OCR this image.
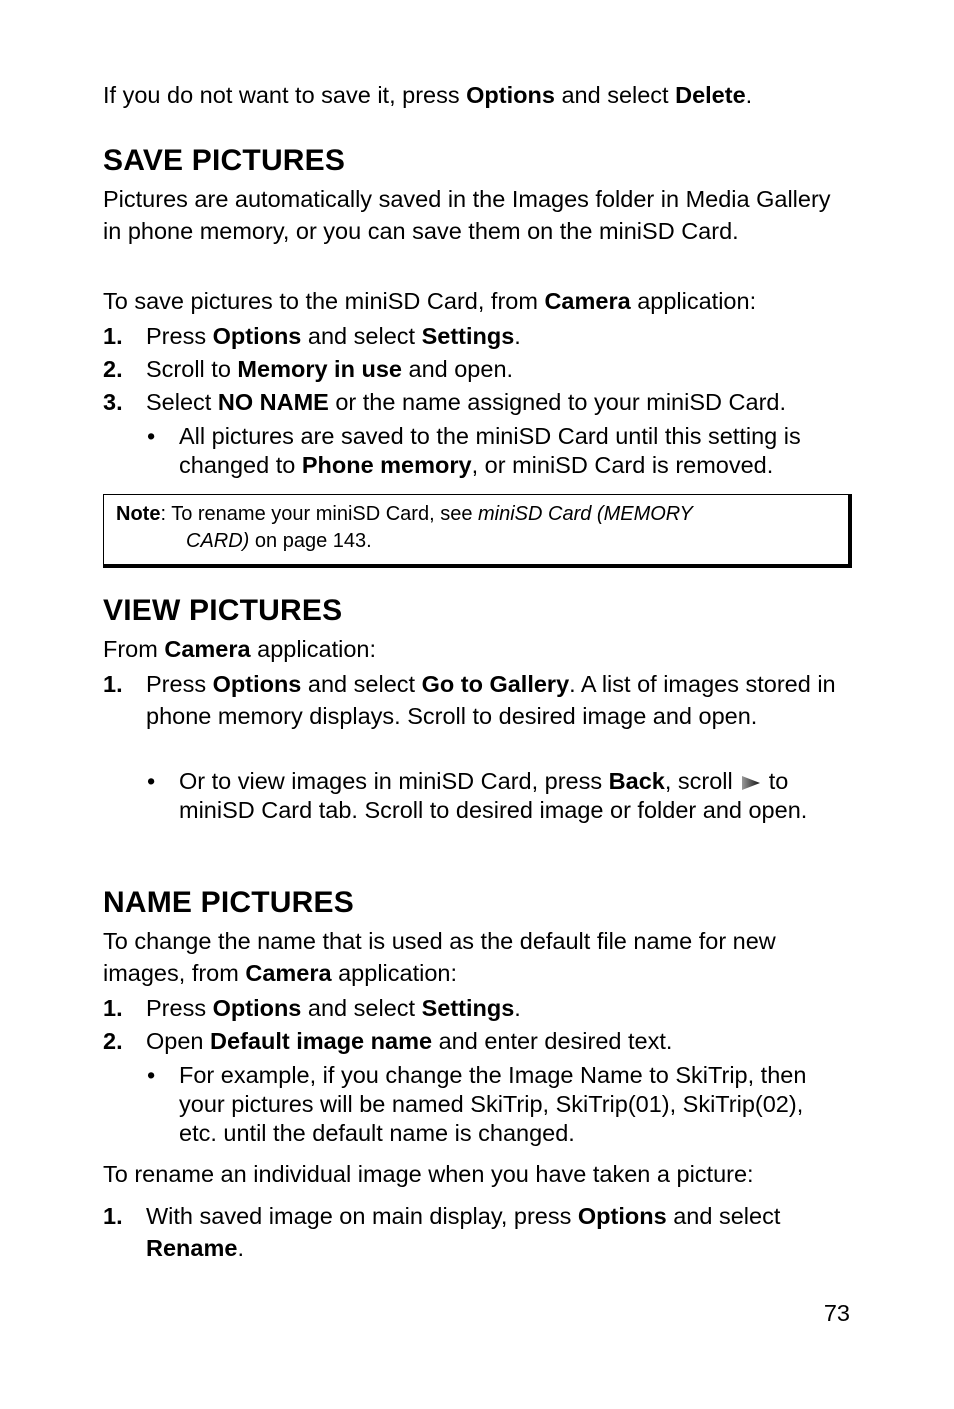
If you do not want to save it, press Options and select Delete.

SAVE PICTURES

Pictures are automatically saved in the Images folder in Media Gallery in phone memory, or you can save them on the miniSD Card.

To save pictures to the miniSD Card, from Camera application:

1. Press Options and select Settings.
2. Scroll to Memory in use and open.
3. Select NO NAME or the name assigned to your miniSD Card.
• All pictures are saved to the miniSD Card until this setting is changed to Phone memory, or miniSD Card is removed.
Note: To rename your miniSD Card, see miniSD Card (MEMORY
CARD) on page 143.
VIEW PICTURES

From Camera application:

1. Press Options and select Go to Gallery. A list of images stored in phone memory displays. Scroll to desired image and open.
• Or to view images in miniSD Card, press Back, scroll to miniSD Card tab. Scroll to desired image or folder and open.
NAME PICTURES

To change the name that is used as the default file name for new images, from Camera application:

1. Press Options and select Settings.
2. Open Default image name and enter desired text.
• For example, if you change the Image Name to SkiTrip, then your pictures will be named SkiTrip, SkiTrip(01), SkiTrip(02), etc. until the default name is changed.

To rename an individual image when you have taken a picture:

1. With saved image on main display, press Options and select Rename.
73
